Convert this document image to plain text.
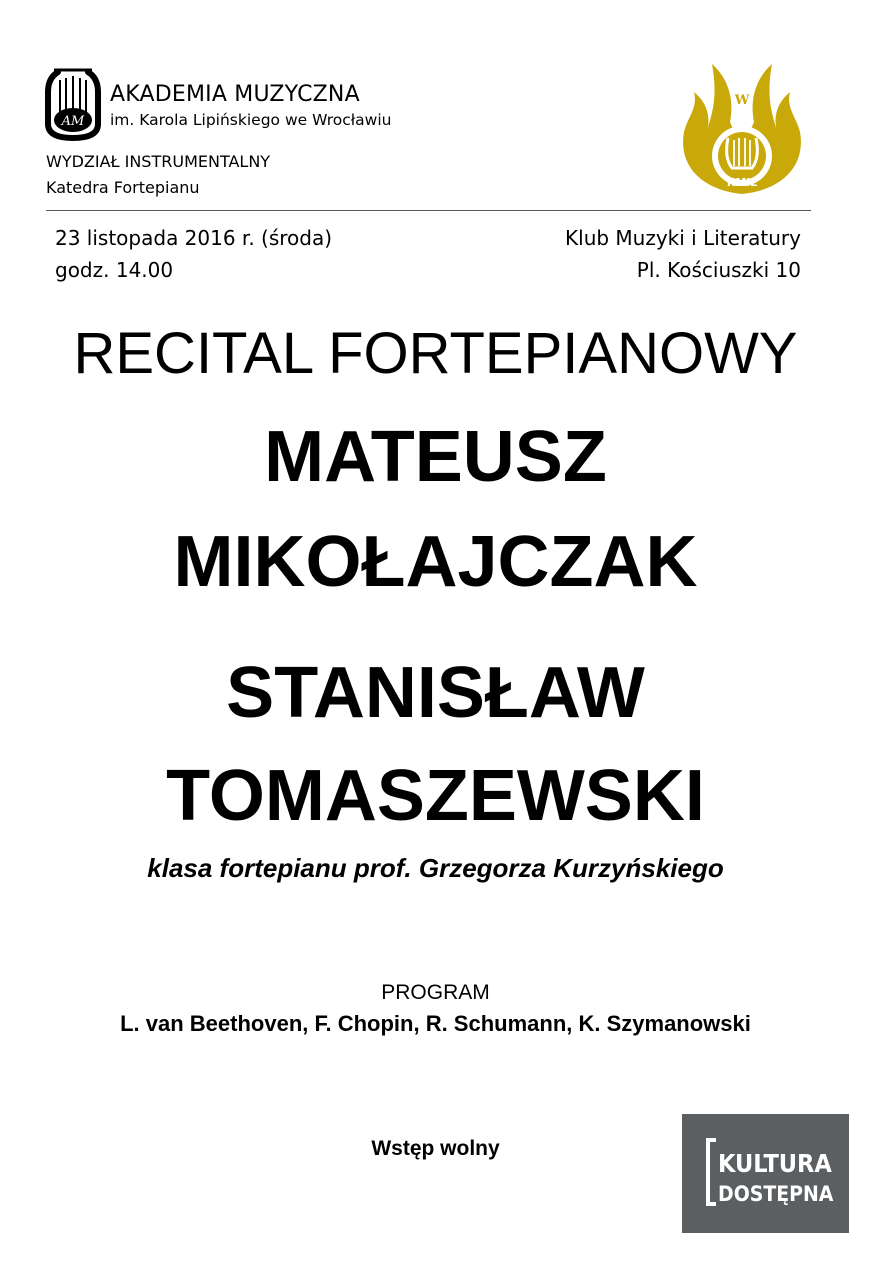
AM
AKADEMIA MUZYCZNA
im. Karola Lipińskiego we Wrocławiu
WYDZIAŁ INSTRUMENTALNY
Katedra Fortepianu
W
KMiL
23 listopada 2016 r. (środa)
godz. 14.00
Klub Muzyki i Literatury
Pl. Kościuszki 10
RECITAL FORTEPIANOWY
MATEUSZ
MIKOŁAJCZAK
STANISŁAW
TOMASZEWSKI
klasa fortepianu prof. Grzegorza Kurzyńskiego
PROGRAM
L. van Beethoven, F. Chopin, R. Schumann, K. Szymanowski
Wstęp wolny
KULTURA
DOSTĘPNA
